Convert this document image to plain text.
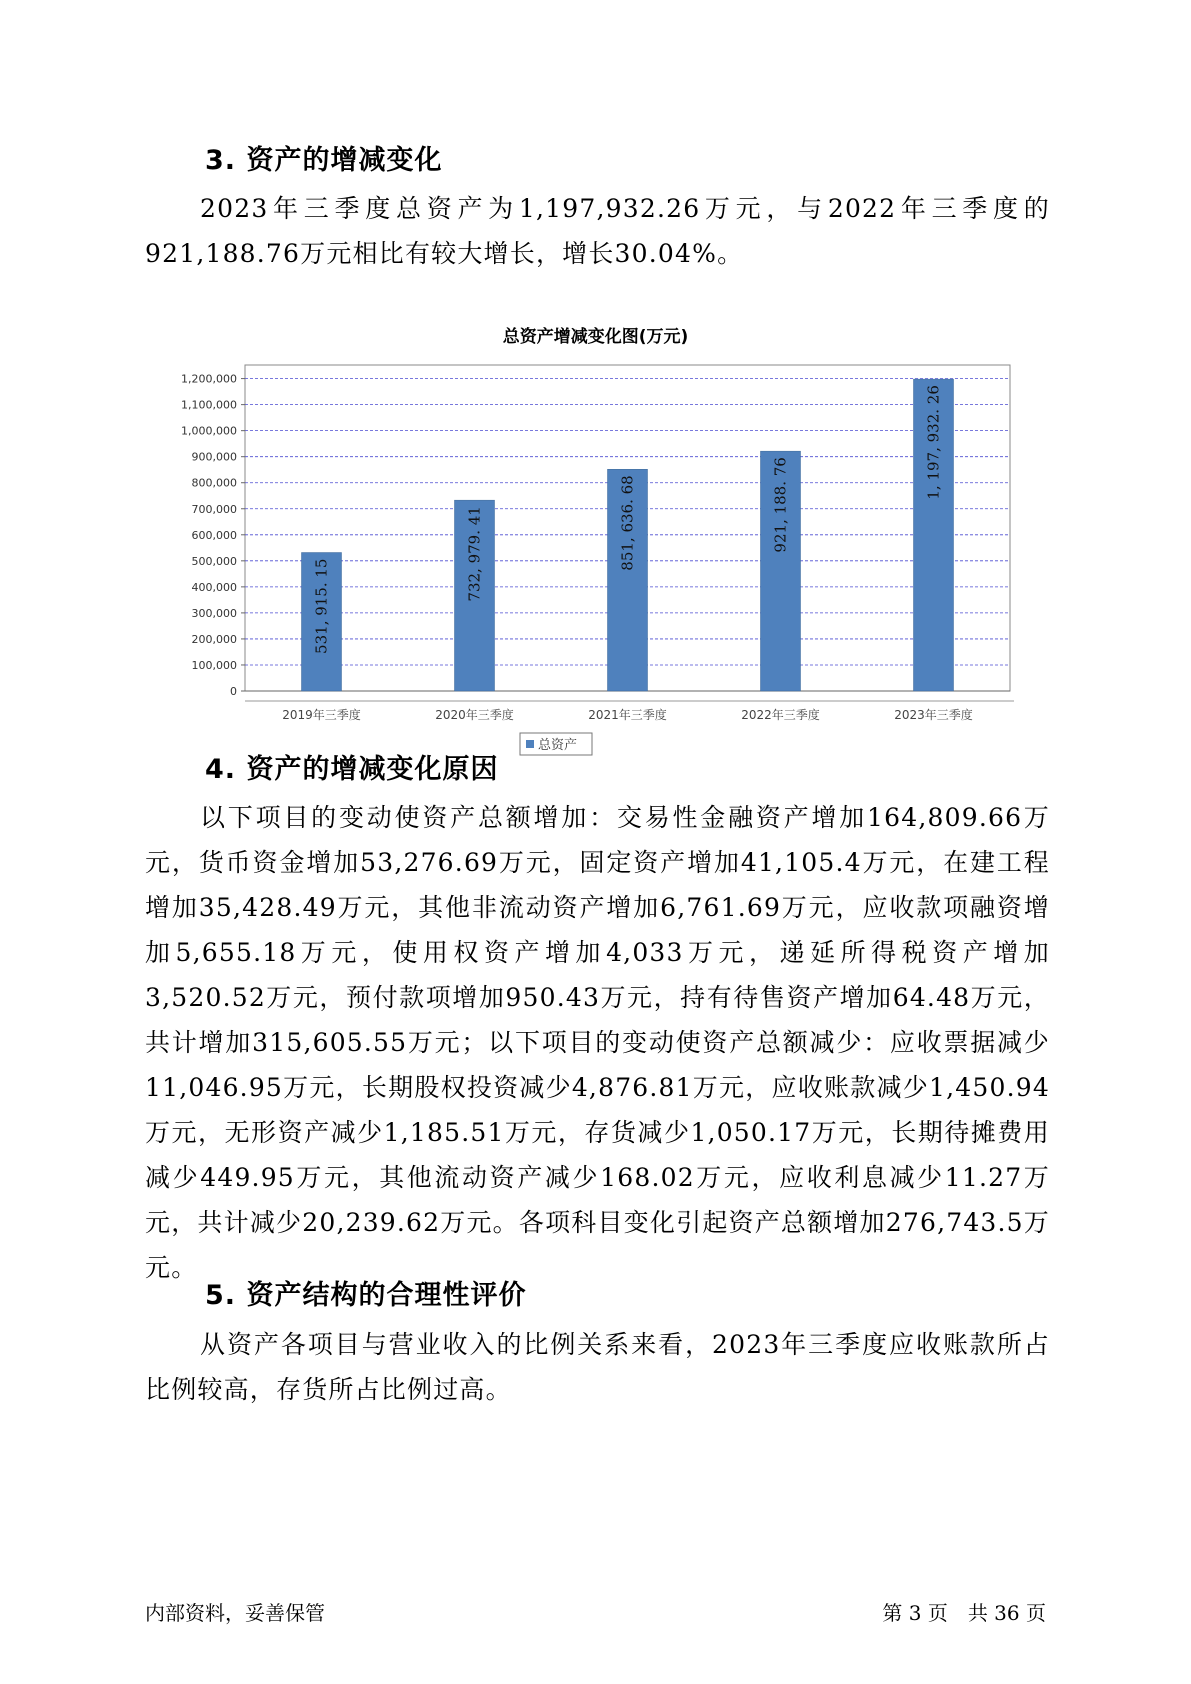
3. 资产的增减变化

2023年三季度总资产为1,197,932.26万元，与2022年三季度的921,188.76万元相比有较大增长，增长30.04%。

总资产增减变化图(万元)
0
100,000
200,000
300,000
400,000
500,000
600,000
700,000
800,000
900,000
1,000,000
1,100,000
1,200,000
531, 915. 15
2019年三季度
732, 979. 41
2020年三季度
851, 636. 68
2021年三季度
921, 188. 76
2022年三季度
1, 197, 932. 26
2023年三季度
总资产
4. 资产的增减变化原因

以下项目的变动使资产总额增加：交易性金融资产增加164,809.66万元，货币资金增加53,276.69万元，固定资产增加41,105.4万元，在建工程增加35,428.49万元，其他非流动资产增加6,761.69万元，应收款项融资增加5,655.18万元，使用权资产增加4,033万元，递延所得税资产增加3,520.52万元，预付款项增加950.43万元，持有待售资产增加64.48万元，共计增加315,605.55万元；以下项目的变动使资产总额减少：应收票据减少11,046.95万元，长期股权投资减少4,876.81万元，应收账款减少1,450.94万元，无形资产减少1,185.51万元，存货减少1,050.17万元，长期待摊费用减少449.95万元，其他流动资产减少168.02万元，应收利息减少11.27万元，共计减少20,239.62万元。各项科目变化引起资产总额增加276,743.5万元。

5. 资产结构的合理性评价

从资产各项目与营业收入的比例关系来看，2023年三季度应收账款所占比例较高，存货所占比例过高。

内部资料，妥善保管	第 3 页　共 36 页
